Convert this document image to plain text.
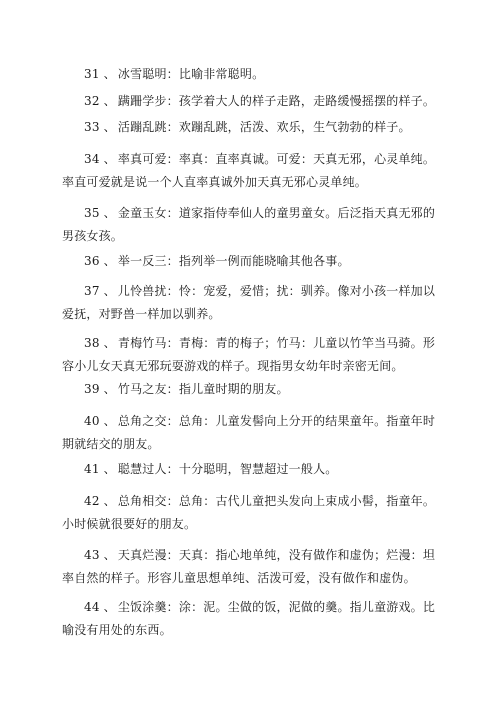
31 、 冰雪聪明：比喻非常聪明。
32 、 蹒跚学步：孩学着大人的样子走路，走路缓慢摇摆的样子。
33 、 活蹦乱跳：欢蹦乱跳，活泼、欢乐，生气勃勃的样子。
34 、 率真可爱：率真：直率真诚。可爱：天真无邪，心灵单纯。率直可爱就是说一个人直率真诚外加天真无邪心灵单纯。
35 、 金童玉女：道家指侍奉仙人的童男童女。后泛指天真无邪的男孩女孩。
36 、 举一反三：指列举一例而能晓喻其他各事。
37 、 儿怜兽扰：怜：宠爱，爱惜；扰：驯养。像对小孩一样加以爱抚，对野兽一样加以驯养。
38 、 青梅竹马：青梅：青的梅子；竹马：儿童以竹竿当马骑。形容小儿女天真无邪玩耍游戏的样子。现指男女幼年时亲密无间。
39 、 竹马之友：指儿童时期的朋友。
40 、 总角之交：总角：儿童发髻向上分开的结果童年。指童年时期就结交的朋友。
41 、 聪慧过人：十分聪明，智慧超过一般人。
42 、 总角相交：总角：古代儿童把头发向上束成小髻，指童年。小时候就很要好的朋友。
43 、 天真烂漫：天真：指心地单纯，没有做作和虚伪；烂漫：坦率自然的样子。形容儿童思想单纯、活泼可爱，没有做作和虚伪。
44 、 尘饭涂羹：涂：泥。尘做的饭，泥做的羹。指儿童游戏。比喻没有用处的东西。
